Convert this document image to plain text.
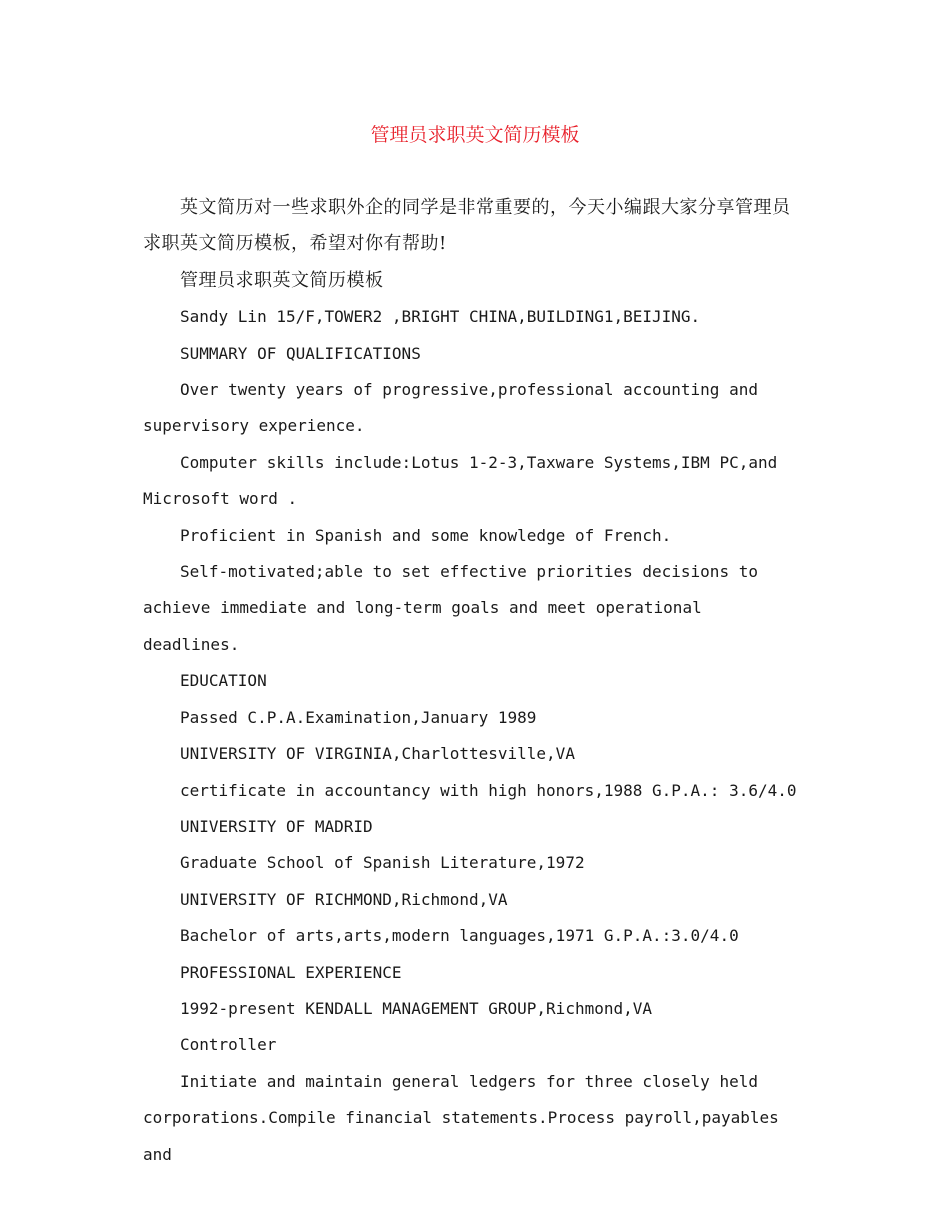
管理员求职英文简历模板

英文简历对一些求职外企的同学是非常重要的，今天小编跟大家分享管理员求职英文简历模板，希望对你有帮助!

管理员求职英文简历模板

Sandy Lin 15/F,TOWER2 ,BRIGHT CHINA,BUILDING1,BEIJING.

SUMMARY OF QUALIFICATIONS

Over twenty years of progressive,professional accounting and supervisory experience.

Computer skills include:Lotus 1-2-3,Taxware Systems,IBM PC,and Microsoft word .

Proficient in Spanish and some knowledge of French.

Self-motivated;able to set effective priorities decisions to achieve immediate and long-term goals and meet operational deadlines.

EDUCATION

Passed C.P.A.Examination,January 1989

UNIVERSITY OF VIRGINIA,Charlottesville,VA

certificate in accountancy with high honors,1988 G.P.A.: 3.6/4.0

UNIVERSITY OF MADRID

Graduate School of Spanish Literature,1972

UNIVERSITY OF RICHMOND,Richmond,VA

Bachelor of arts,arts,modern languages,1971 G.P.A.:3.0/4.0

PROFESSIONAL EXPERIENCE

1992-present KENDALL MANAGEMENT GROUP,Richmond,VA

Controller

Initiate and maintain general ledgers for three closely held corporations.Compile financial statements.Process payroll,payables and
